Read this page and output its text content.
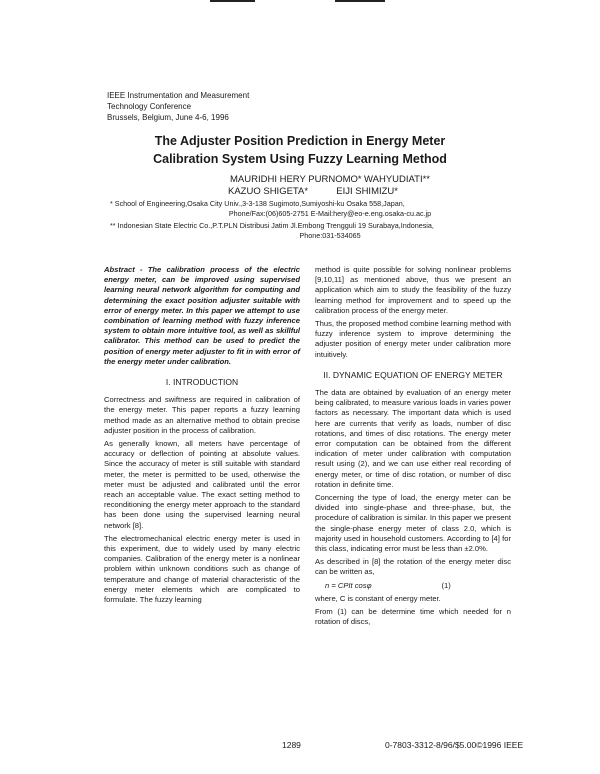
IEEE Instrumentation and Measurement
Technology Conference
Brussels, Belgium, June 4-6, 1996
The Adjuster Position Prediction in Energy Meter
Calibration System Using Fuzzy Learning Method
MAURIDHI HERY PURNOMO* WAHYUDIATI**
KAZUO SHIGETA*	EIJI SHIMIZU*

* School of Engineering,Osaka City Univ.,3-3-138 Sugimoto,Sumiyoshi-ku Osaka 558,Japan,

Phone/Fax:(06)605-2751 E-Mail:hery@eo-e.eng.osaka-cu.ac.jp

** Indonesian State Electric Co.,P.T.PLN Distribusi Jatim Jl.Embong Trengguli 19 Surabaya,Indonesia,

Phone:031-534065

Abstract - The calibration process of the electric energy meter, can be improved using supervised learning neural network algorithm for computing and determining the exact position adjuster suitable with error of energy meter. In this paper we attempt to use combination of learning method with fuzzy inference system to obtain more intuitive tool, as well as skillful calibrator. This method can be used to predict the position of energy meter adjuster to fit in with error of the energy meter under calibration.

I. INTRODUCTION

Correctness and swiftness are required in calibration of the energy meter. This paper reports a fuzzy learning method made as an alternative method to obtain precise adjuster position in the process of calibration.

As generally known, all meters have percentage of accuracy or deflection of pointing at absolute values. Since the accuracy of meter is still suitable with standard meter, the meter is permitted to be used, otherwise the meter must be adjusted and calibrated until the error reach an acceptable value. The exact setting method to reconditioning the energy meter approach to the standard has been done using the supervised learning neural network [8].

The electromechanical electric energy meter is used in this experiment, due to widely used by many electric companies. Calibration of the energy meter is a nonlinear problem within unknown conditions such as change of temperature and change of material characteristic of the energy meter elements which are complicated to formulate. The fuzzy learning

method is quite possible for solving nonlinear problems [9,10,11] as mentioned above, thus we present an application which aim to study the feasibility of the fuzzy learning method for improvement and to speed up the calibration process of the energy meter.

Thus, the proposed method combine learning method with fuzzy inference system to improve determining the adjuster position of energy meter under calibration more intuitively.

II. DYNAMIC EQUATION OF ENERGY METER

The data are obtained by evaluation of an energy meter being calibrated, to measure various loads in varies power factors as necessary. The important data which is used here are currents that verify as loads, number of disc rotations, and times of disc rotations. The energy meter error computation can be obtained from the different indication of meter under calibration with computation result using (2), and we can use either real recording of energy meter, or time of disc rotation, or number of disc rotation in definite time.

Concerning the type of load, the energy meter can be divided into single-phase and three-phase, but, the procedure of calibration is similar. In this paper we present the single-phase energy meter of class 2.0, which is majority used in household customers. According to [4] for this class, indicating error must be less than ±2.0%.

As described in [8] the rotation of the energy meter disc can be written as,

n = CPIt cosφ	(1)

where, C is constant of energy meter.

From (1) can be determine time which needed for n rotation of discs,

1289	0-7803-3312-8/96/$5.00©1996 IEEE
